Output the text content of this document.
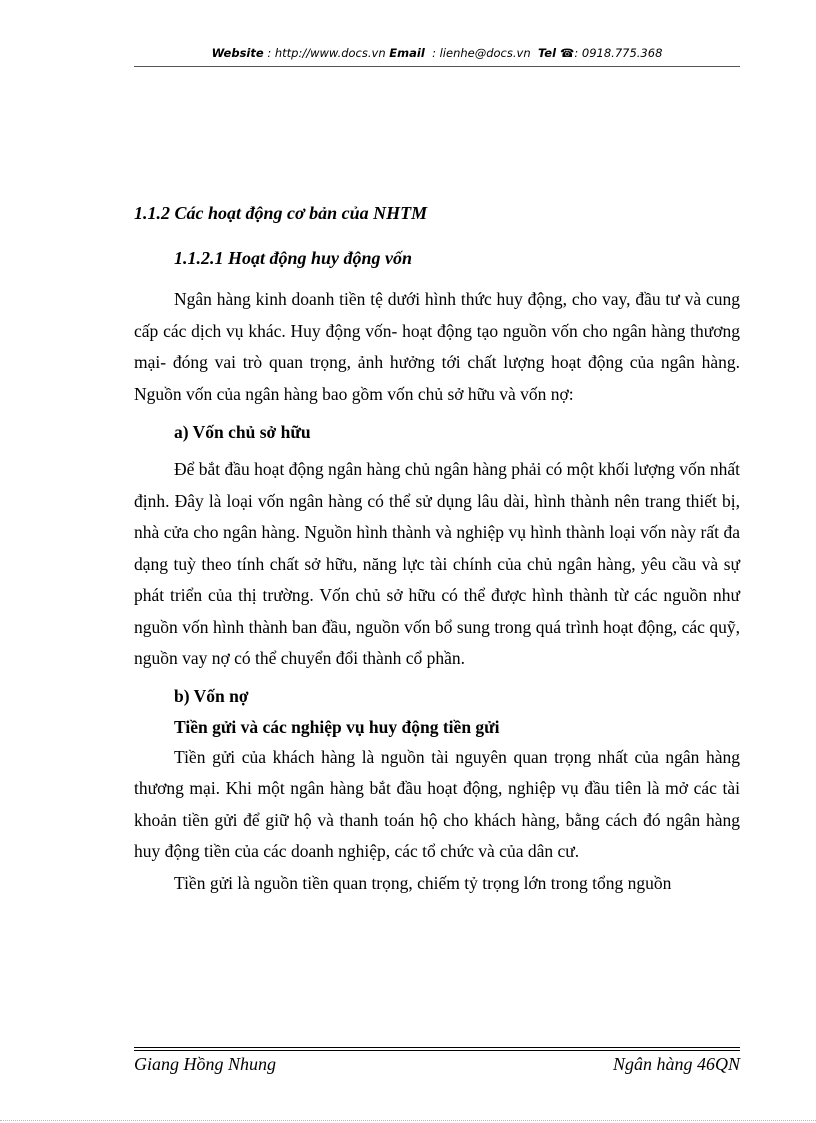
Website : http://www.docs.vn Email  : lienhe@docs.vn  Tel ☎: 0918.775.368
1.1.2 Các hoạt động cơ bản của NHTM
1.1.2.1 Hoạt động huy động vốn

Ngân hàng kinh doanh tiền tệ dưới hình thức huy động, cho vay, đầu tư và cung cấp các dịch vụ khác. Huy động vốn- hoạt động tạo nguồn vốn cho ngân hàng thương mại- đóng vai trò quan trọng, ảnh hưởng tới chất lượng hoạt động của ngân hàng. Nguồn vốn của ngân hàng bao gồm vốn chủ sở hữu và vốn nợ:

a) Vốn chủ sở hữu

Để bắt đầu hoạt động ngân hàng chủ ngân hàng phải có một khối lượng vốn nhất định. Đây là loại vốn ngân hàng có thể sử dụng lâu dài, hình thành nên trang thiết bị, nhà cửa cho ngân hàng. Nguồn hình thành và nghiệp vụ hình thành loại vốn này rất đa dạng tuỳ theo tính chất sở hữu, năng lực tài chính của chủ ngân hàng, yêu cầu và sự phát triển của thị trường. Vốn chủ sở hữu có thể được hình thành từ các nguồn như nguồn vốn hình thành ban đầu, nguồn vốn bổ sung trong quá trình hoạt động, các quỹ, nguồn vay nợ có thể chuyển đổi thành cổ phần.

b) Vốn nợ
Tiền gửi và các nghiệp vụ huy động tiền gửi

Tiền gửi của khách hàng là nguồn tài nguyên quan trọng nhất của ngân hàng thương mại. Khi một ngân hàng bắt đầu hoạt động, nghiệp vụ đầu tiên là mở các tài khoản tiền gửi để giữ hộ và thanh toán hộ cho khách hàng, bằng cách đó ngân hàng huy động tiền của các doanh nghiệp, các tổ chức và của dân cư.

Tiền gửi là nguồn tiền quan trọng, chiếm tỷ trọng lớn trong tổng nguồn

Giang Hồng Nhung	Ngân hàng 46QN
